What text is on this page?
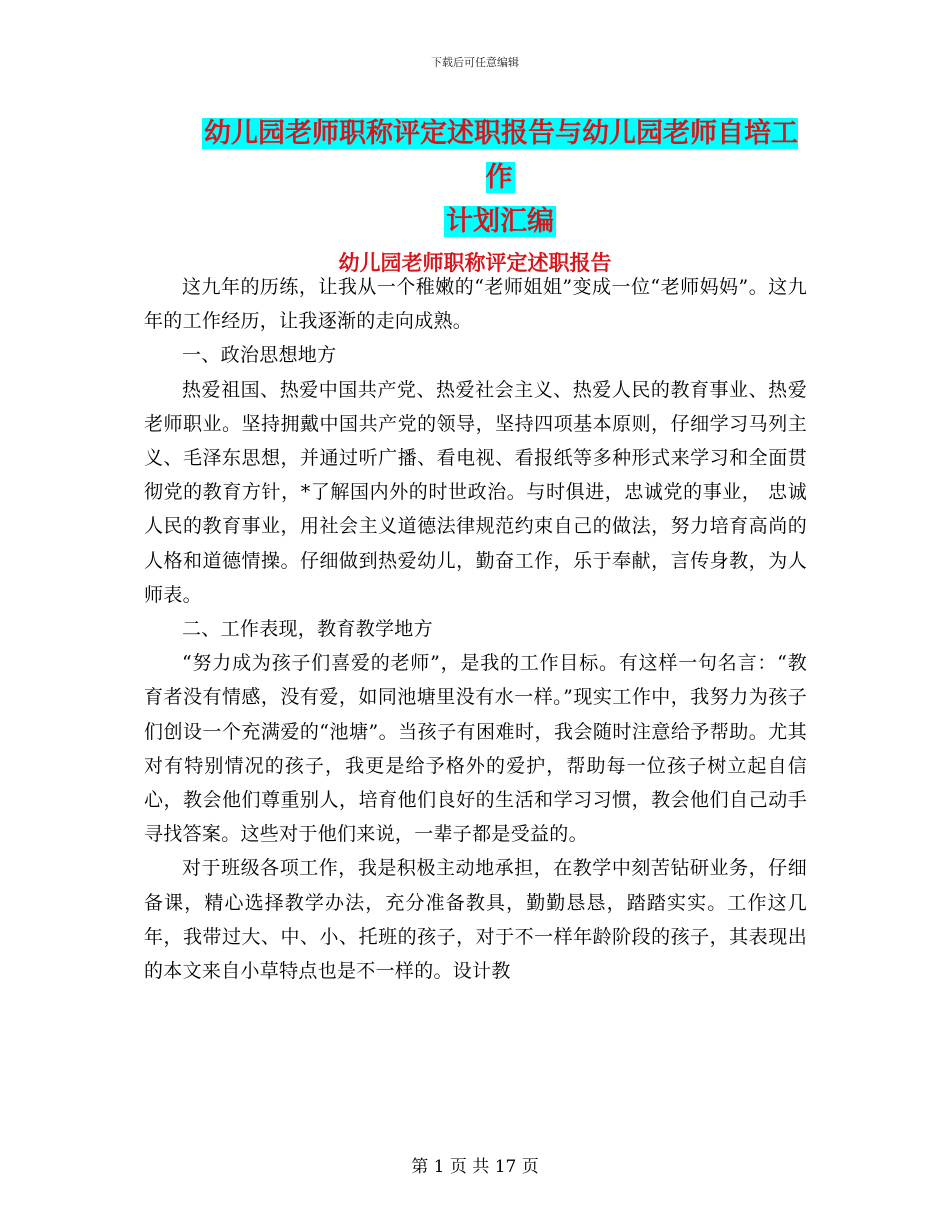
下载后可任意编辑
幼儿园老师职称评定述职报告与幼儿园老师自培工作
计划汇编
幼儿园老师职称评定述职报告

这九年的历练，让我从一个稚嫩的“老师姐姐”变成一位“老师妈妈”。这九年的工作经历，让我逐渐的走向成熟。

一、政治思想地方

热爱祖国、热爱中国共产党、热爱社会主义、热爱人民的教育事业、热爱老师职业。坚持拥戴中国共产党的领导，坚持四项基本原则，仔细学习马列主义、毛泽东思想，并通过听广播、看电视、看报纸等多种形式来学习和全面贯彻党的教育方针，*了解国内外的时世政治。与时俱进，忠诚党的事业， 忠诚人民的教育事业，用社会主义道德法律规范约束自己的做法，努力培育高尚的人格和道德情操。仔细做到热爱幼儿，勤奋工作，乐于奉献，言传身教，为人师表。

二、工作表现，教育教学地方

“努力成为孩子们喜爱的老师”，是我的工作目标。有这样一句名言：“教育者没有情感，没有爱，如同池塘里没有水一样。”现实工作中，我努力为孩子们创设一个充满爱的“池塘”。当孩子有困难时，我会随时注意给予帮助。尤其对有特别情况的孩子，我更是给予格外的爱护，帮助每一位孩子树立起自信心，教会他们尊重别人，培育他们良好的生活和学习习惯，教会他们自己动手寻找答案。这些对于他们来说，一辈子都是受益的。

对于班级各项工作，我是积极主动地承担，在教学中刻苦钻研业务，仔细备课，精心选择教学办法，充分准备教具，勤勤恳恳，踏踏实实。工作这几年，我带过大、中、小、托班的孩子，对于不一样年龄阶段的孩子，其表现出的本文来自小草特点也是不一样的。设计教

第 1 页 共 17 页
